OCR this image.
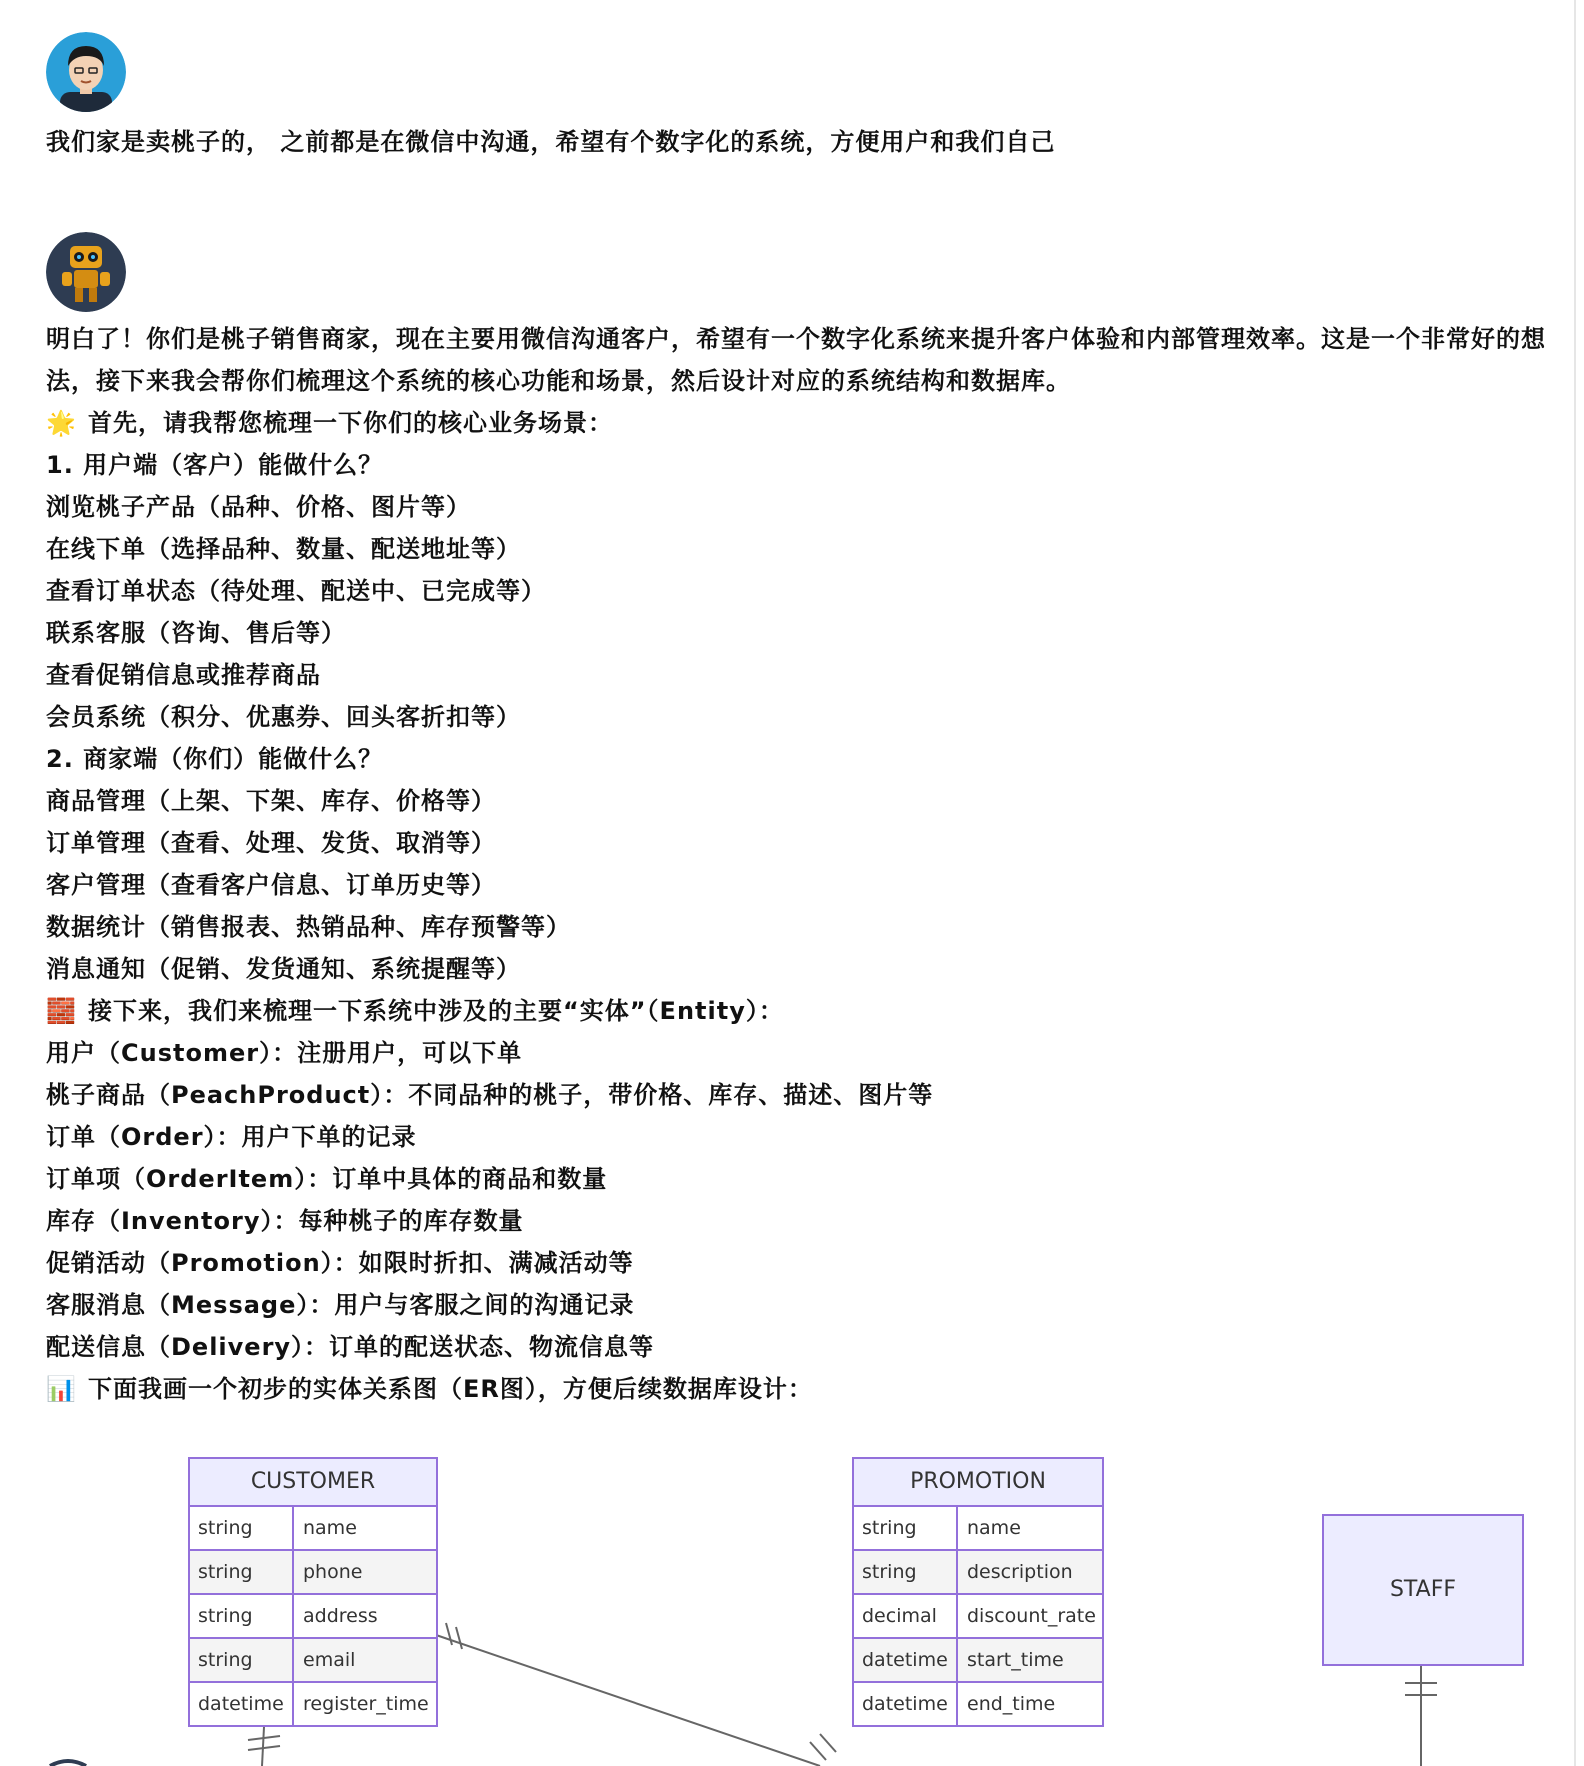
我们家是卖桃子的， 之前都是在微信中沟通，希望有个数字化的系统，方便用户和我们自己

明白了！你们是桃子销售商家，现在主要用微信沟通客户，希望有一个数字化系统来提升客户体验和内部管理效率。这是一个非常好的想法，接下来我会帮你们梳理这个系统的核心功能和场景，然后设计对应的系统结构和数据库。

🌟 首先，请我帮您梳理一下你们的核心业务场景：

1. 用户端（客户）能做什么？

浏览桃子产品（品种、价格、图片等）

在线下单（选择品种、数量、配送地址等）

查看订单状态（待处理、配送中、已完成等）

联系客服（咨询、售后等）

查看促销信息或推荐商品

会员系统（积分、优惠券、回头客折扣等）

2. 商家端（你们）能做什么？

商品管理（上架、下架、库存、价格等）

订单管理（查看、处理、发货、取消等）

客户管理（查看客户信息、订单历史等）

数据统计（销售报表、热销品种、库存预警等）

消息通知（促销、发货通知、系统提醒等）

🧱 接下来，我们来梳理一下系统中涉及的主要“实体”（Entity）：

用户（Customer）：注册用户，可以下单

桃子商品（PeachProduct）：不同品种的桃子，带价格、库存、描述、图片等

订单（Order）：用户下单的记录

订单项（OrderItem）：订单中具体的商品和数量

库存（Inventory）：每种桃子的库存数量

促销活动（Promotion）：如限时折扣、满减活动等

客服消息（Message）：用户与客服之间的沟通记录

配送信息（Delivery）：订单的配送状态、物流信息等

📊 下面我画一个初步的实体关系图（ER图），方便后续数据库设计：

CUSTOMER
string	name
string	phone
string	address
string	email
datetime	register_time
PROMOTION
string	name
string	description
decimal	discount_rate
datetime	start_time
datetime	end_time
STAFF
